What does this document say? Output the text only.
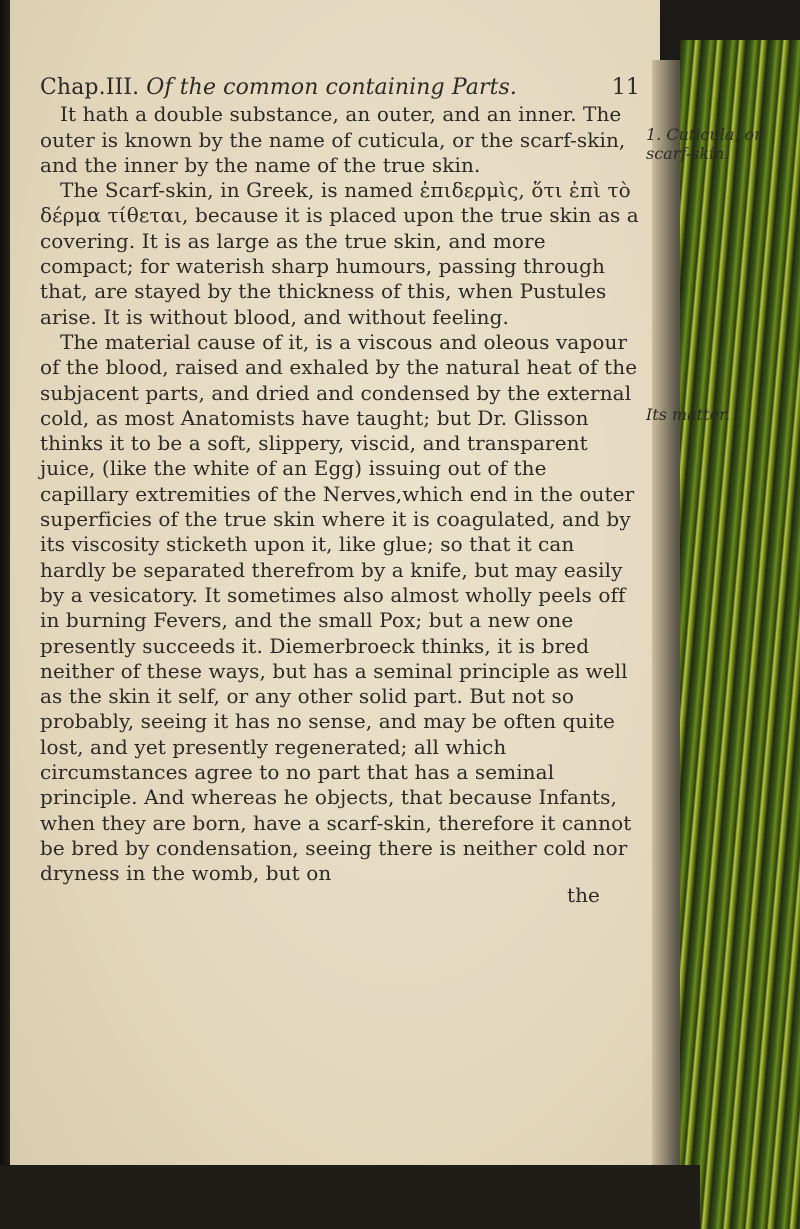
Chap.III. Of the common containing Parts.	11

It hath a double substance, an outer, and an inner. The outer is known by the name of cuticula, or the scarf-skin, and the inner by the name of the true skin.

The Scarf-skin, in Greek, is named ἐπιδερμὶς, ὅτι ἐπὶ τὸ δέρμα τίθεται, because it is placed upon the true skin as a covering. It is as large as the true skin, and more compact; for waterish sharp humours, passing through that, are stayed by the thickness of this, when Pustules arise. It is without blood, and without feeling.

The material cause of it, is a viscous and oleous vapour of the blood, raised and exhaled by the natural heat of the subjacent parts, and dried and condensed by the external cold, as most Anatomists have taught; but Dr. Glisson thinks it to be a soft, slippery, viscid, and transparent juice, (like the white of an Egg) issuing out of the capillary extremities of the Nerves,which end in the outer superficies of the true skin where it is coagulated, and by its viscosity sticketh upon it, like glue; so that it can hardly be separated therefrom by a knife, but may easily by a vesicatory. It sometimes also almost wholly peels off in burning Fevers, and the small Pox; but a new one presently succeeds it. Diemerbroeck thinks, it is bred neither of these ways, but has a seminal principle as well as the skin it self, or any other solid part. But not so probably, seeing it has no sense, and may be often quite lost, and yet presently regenerated; all which circumstances agree to no part that has a seminal principle. And whereas he objects, that because Infants, when they are born, have a scarf-skin, therefore it cannot be bred by condensation, seeing there is neither cold nor dryness in the womb, but on

the
1. Cuticula, or scarf-skin.
Its matter.
